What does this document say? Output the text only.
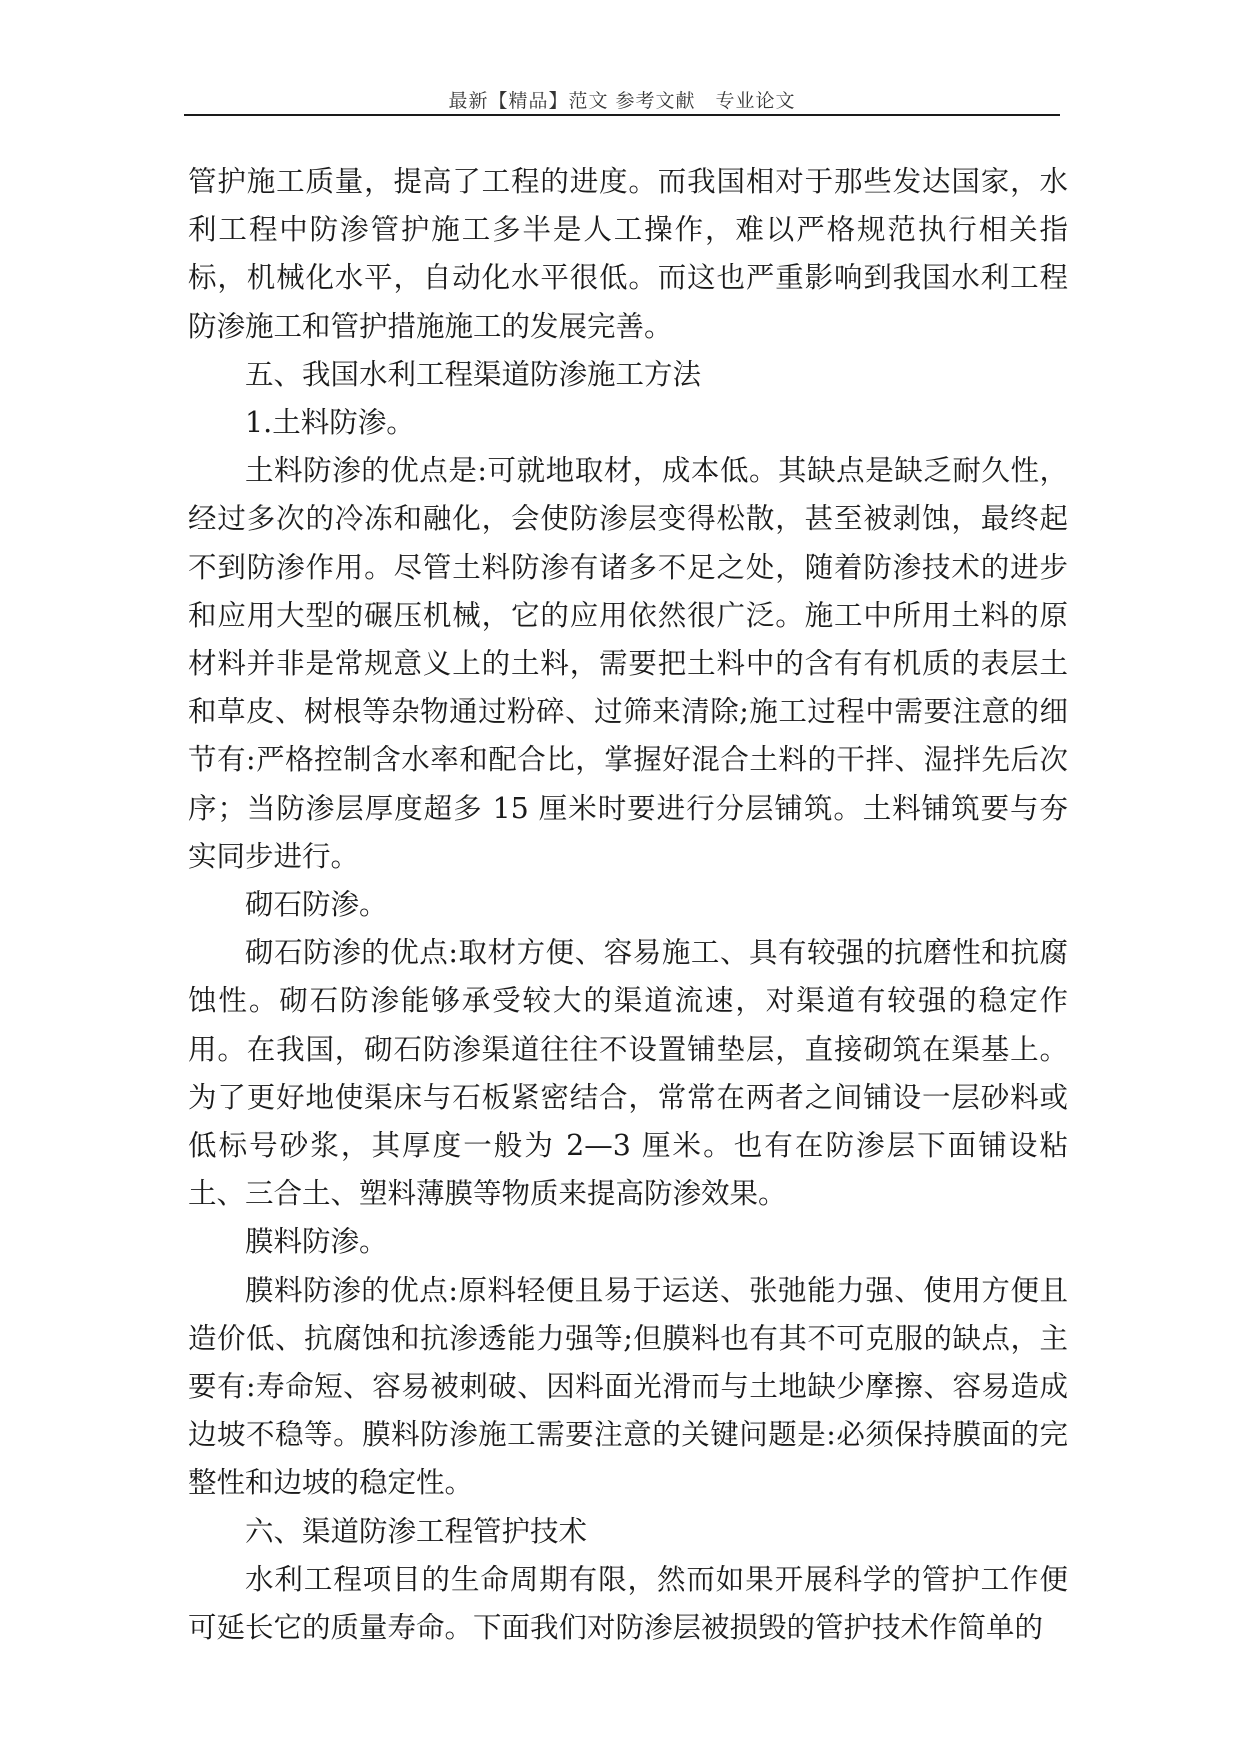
最新【精品】范文 参考文献　专业论文

管护施工质量，提高了工程的进度。而我国相对于那些发达国家，水利工程中防渗管护施工多半是人工操作，难以严格规范执行相关指标，机械化水平，自动化水平很低。而这也严重影响到我国水利工程防渗施工和管护措施施工的发展完善。

五、我国水利工程渠道防渗施工方法

1.土料防渗。

土料防渗的优点是:可就地取材，成本低。其缺点是缺乏耐久性，经过多次的冷冻和融化，会使防渗层变得松散，甚至被剥蚀，最终起不到防渗作用。尽管土料防渗有诸多不足之处，随着防渗技术的进步和应用大型的碾压机械，它的应用依然很广泛。施工中所用土料的原材料并非是常规意义上的土料，需要把土料中的含有有机质的表层土和草皮、树根等杂物通过粉碎、过筛来清除;施工过程中需要注意的细节有:严格控制含水率和配合比，掌握好混合土料的干拌、湿拌先后次序；当防渗层厚度超多 15 厘米时要进行分层铺筑。土料铺筑要与夯实同步进行。

砌石防渗。

砌石防渗的优点:取材方便、容易施工、具有较强的抗磨性和抗腐蚀性。砌石防渗能够承受较大的渠道流速，对渠道有较强的稳定作用。在我国，砌石防渗渠道往往不设置铺垫层，直接砌筑在渠基上。为了更好地使渠床与石板紧密结合，常常在两者之间铺设一层砂料或低标号砂浆，其厚度一般为 2—3 厘米。也有在防渗层下面铺设粘土、三合土、塑料薄膜等物质来提高防渗效果。

膜料防渗。

膜料防渗的优点:原料轻便且易于运送、张弛能力强、使用方便且造价低、抗腐蚀和抗渗透能力强等;但膜料也有其不可克服的缺点，主要有:寿命短、容易被刺破、因料面光滑而与土地缺少摩擦、容易造成边坡不稳等。膜料防渗施工需要注意的关键问题是:必须保持膜面的完整性和边坡的稳定性。

六、渠道防渗工程管护技术

水利工程项目的生命周期有限，然而如果开展科学的管护工作便可延长它的质量寿命。下面我们对防渗层被损毁的管护技术作简单的
